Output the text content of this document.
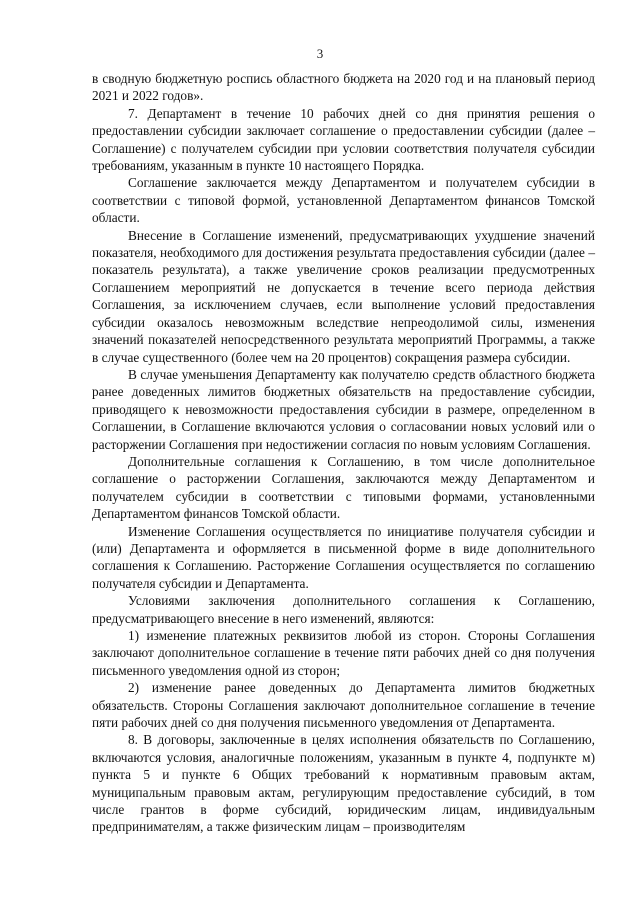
3

в сводную бюджетную роспись областного бюджета на 2020 год и на плановый период 2021 и 2022 годов».

7. Департамент в течение 10 рабочих дней со дня принятия решения о предоставлении субсидии заключает соглашение о предоставлении субсидии (далее – Соглашение) с получателем субсидии при условии соответствия получателя субсидии требованиям, указанным в пункте 10 настоящего Порядка.

Соглашение заключается между Департаментом и получателем субсидии в соответствии с типовой формой, установленной Департаментом финансов Томской области.

Внесение в Соглашение изменений, предусматривающих ухудшение значений показателя, необходимого для достижения результата предоставления субсидии (далее – показатель результата), а также увеличение сроков реализации предусмотренных Соглашением мероприятий не допускается в течение всего периода действия Соглашения, за исключением случаев, если выполнение условий предоставления субсидии оказалось невозможным вследствие непреодолимой силы, изменения значений показателей непосредственного результата мероприятий Программы, а также в случае существенного (более чем на 20 процентов) сокращения размера субсидии.

В случае уменьшения Департаменту как получателю средств областного бюджета ранее доведенных лимитов бюджетных обязательств на предоставление субсидии, приводящего к невозможности предоставления субсидии в размере, определенном в Соглашении, в Соглашение включаются условия о согласовании новых условий или о расторжении Соглашения при недостижении согласия по новым условиям Соглашения.

Дополнительные соглашения к Соглашению, в том числе дополнительное соглашение о расторжении Соглашения, заключаются между Департаментом и получателем субсидии в соответствии с типовыми формами, установленными Департаментом финансов Томской области.

Изменение Соглашения осуществляется по инициативе получателя субсидии и (или) Департамента и оформляется в письменной форме в виде дополнительного соглашения к Соглашению. Расторжение Соглашения осуществляется по соглашению получателя субсидии и Департамента.

Условиями заключения дополнительного соглашения к Соглашению, предусматривающего внесение в него изменений, являются:

1) изменение платежных реквизитов любой из сторон. Стороны Соглашения заключают дополнительное соглашение в течение пяти рабочих дней со дня получения письменного уведомления одной из сторон;

2) изменение ранее доведенных до Департамента лимитов бюджетных обязательств. Стороны Соглашения заключают дополнительное соглашение в течение пяти рабочих дней со дня получения письменного уведомления от Департамента.

8. В договоры, заключенные в целях исполнения обязательств по Соглашению, включаются условия, аналогичные положениям, указанным в пункте 4, подпункте м) пункта 5 и пункте 6 Общих требований к нормативным правовым актам, муниципальным правовым актам, регулирующим предоставление субсидий, в том числе грантов в форме субсидий, юридическим лицам, индивидуальным предпринимателям, а также физическим лицам – производителям
